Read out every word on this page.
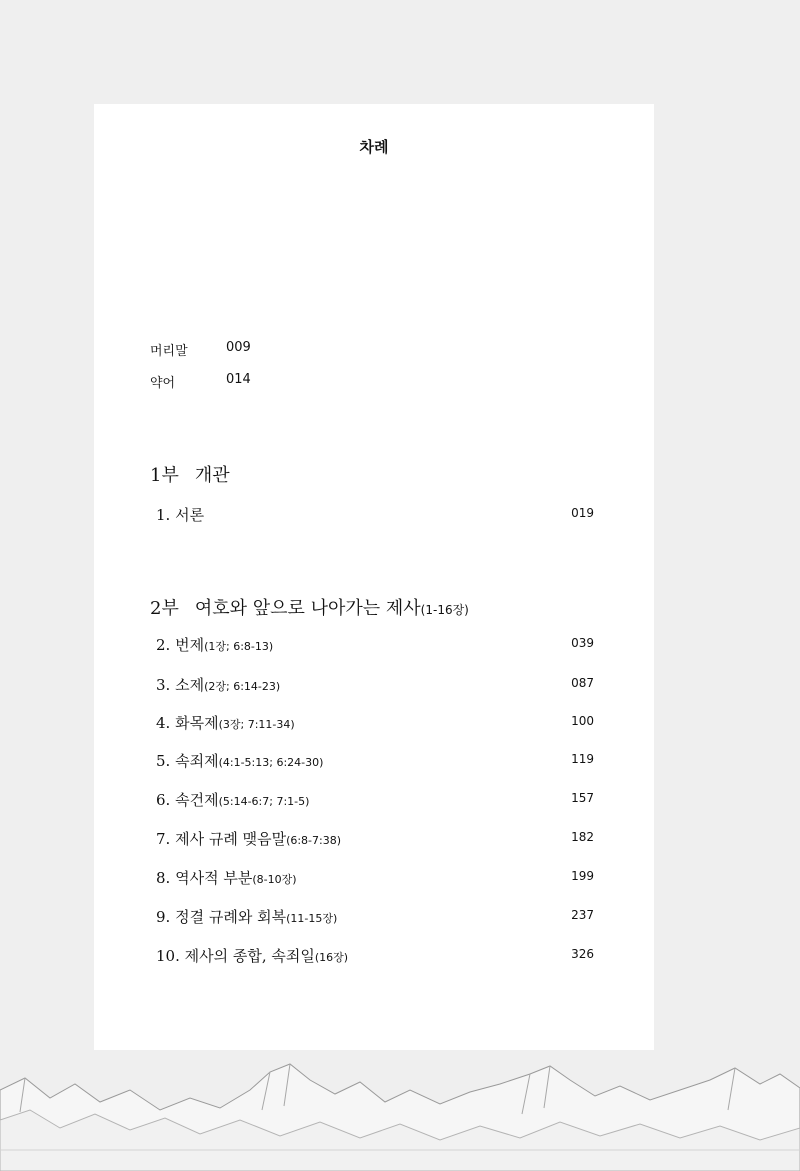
차례
머리말	009
약어	014
1부 개관
1. 서론	019
2부 여호와 앞으로 나아가는 제사(1-16장)
2. 번제(1장; 6:8-13)	039
3. 소제(2장; 6:14-23)	087
4. 화목제(3장; 7:11-34)	100
5. 속죄제(4:1-5:13; 6:24-30)	119
6. 속건제(5:14-6:7; 7:1-5)	157
7. 제사 규례 맺음말(6:8-7:38)	182
8. 역사적 부분(8-10장)	199
9. 정결 규례와 회복(11-15장)	237
10. 제사의 종합, 속죄일(16장)	326
